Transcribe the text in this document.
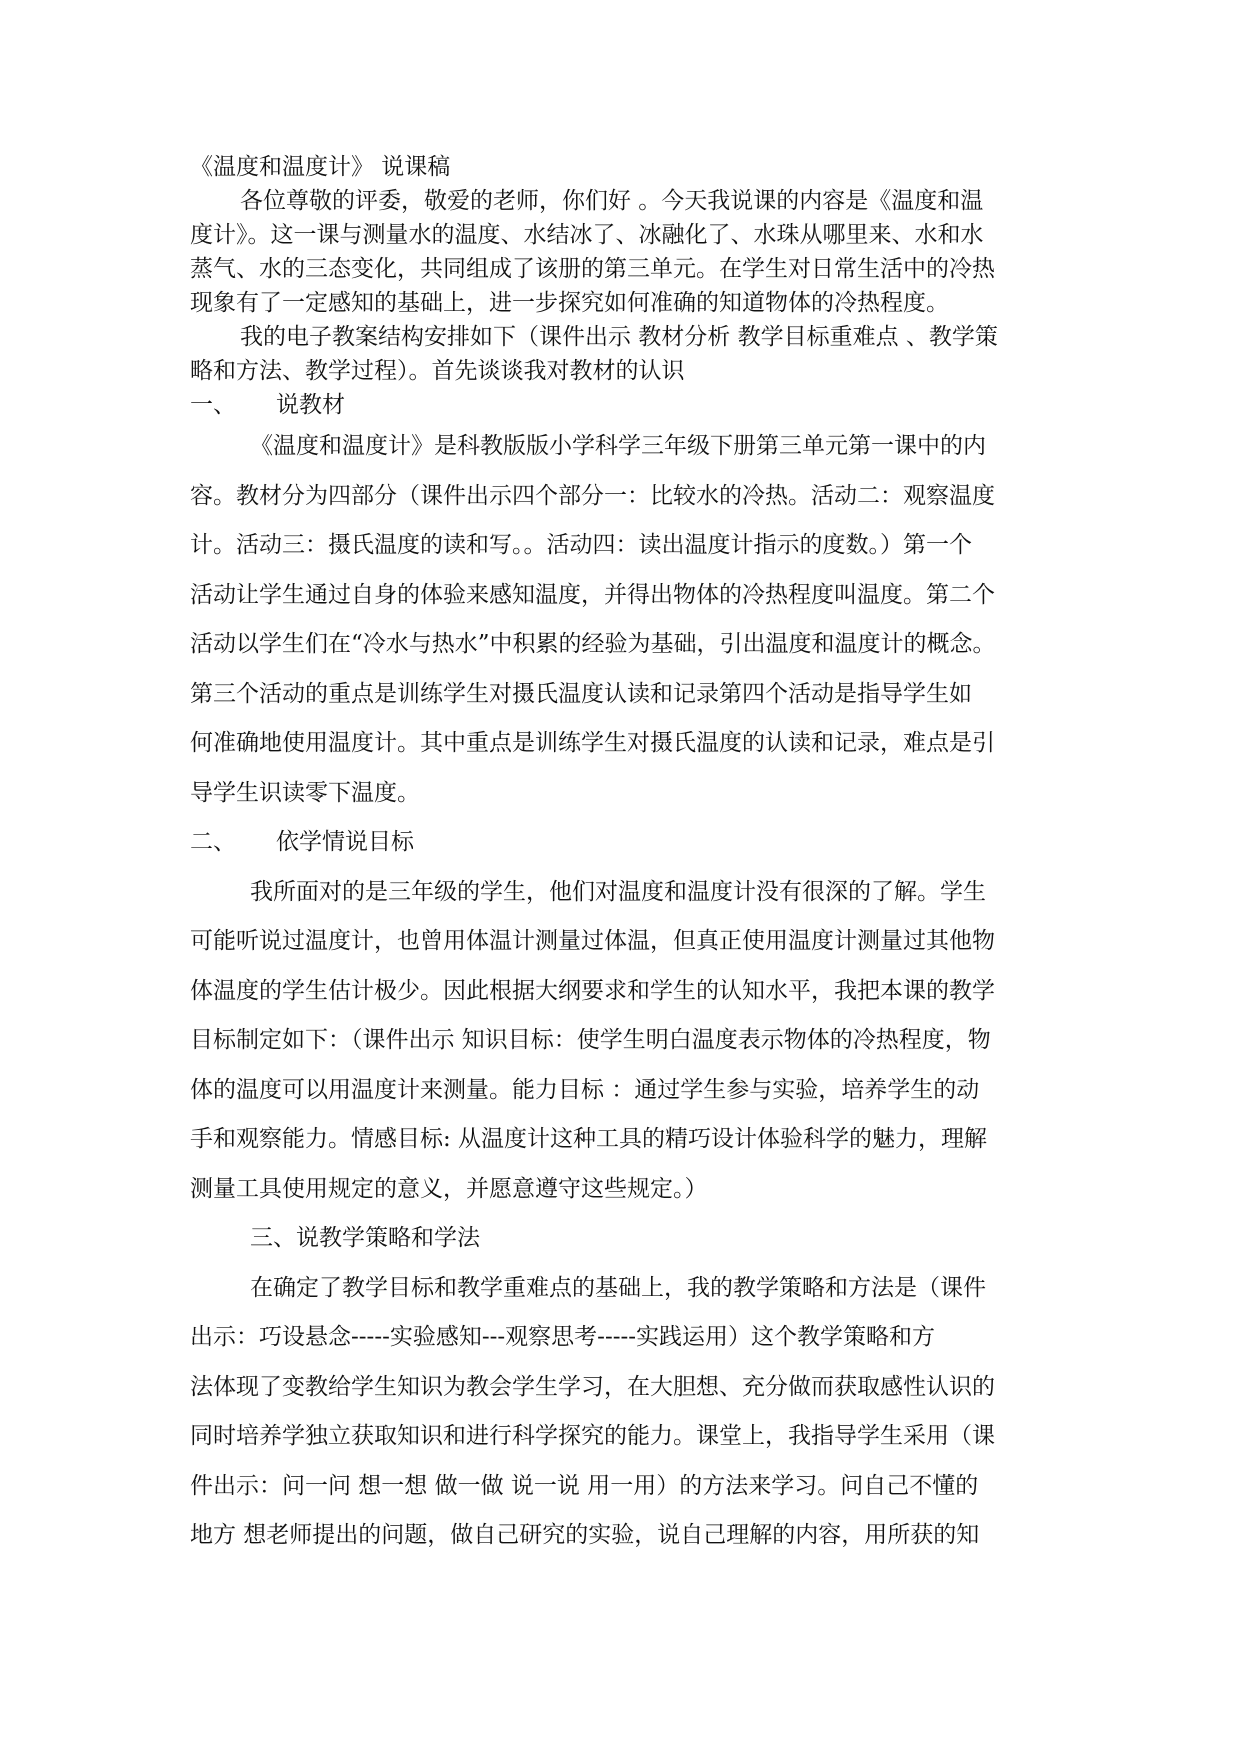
《温度和温度计》 说课稿
各位尊敬的评委，敬爱的老师，你们好 。今天我说课的内容是《温度和温
度计》。这一课与测量水的温度、水结冰了、冰融化了、水珠从哪里来、水和水
蒸气、水的三态变化，共同组成了该册的第三单元。在学生对日常生活中的冷热
现象有了一定感知的基础上，进一步探究如何准确的知道物体的冷热程度。
我的电子教案结构安排如下（课件出示 教材分析 教学目标重难点 、教学策
略和方法、教学过程）。首先谈谈我对教材的认识
一、 说教材
《温度和温度计》是科教版版小学科学三年级下册第三单元第一课中的内
容。教材分为四部分（课件出示四个部分一：比较水的冷热。活动二：观察温度
计。活动三：摄氏温度的读和写。。活动四：读出温度计指示的度数。）第一个
活动让学生通过自身的体验来感知温度，并得出物体的冷热程度叫温度。第二个
活动以学生们在“冷水与热水”中积累的经验为基础，引出温度和温度计的概念。
第三个活动的重点是训练学生对摄氏温度认读和记录第四个活动是指导学生如
何准确地使用温度计。其中重点是训练学生对摄氏温度的认读和记录，难点是引
导学生识读零下温度。
二、 依学情说目标
我所面对的是三年级的学生，他们对温度和温度计没有很深的了解。学生
可能听说过温度计，也曾用体温计测量过体温，但真正使用温度计测量过其他物
体温度的学生估计极少。因此根据大纲要求和学生的认知水平，我把本课的教学
目标制定如下：（课件出示 知识目标：使学生明白温度表示物体的冷热程度，物
体的温度可以用温度计来测量。能力目标 ：通过学生参与实验，培养学生的动
手和观察能力。情感目标: 从温度计这种工具的精巧设计体验科学的魅力，理解
测量工具使用规定的意义，并愿意遵守这些规定。）
三、说教学策略和学法
在确定了教学目标和教学重难点的基础上，我的教学策略和方法是（课件
出示：巧设悬念-----实验感知---观察思考-----实践运用）这个教学策略和方
法体现了变教给学生知识为教会学生学习，在大胆想、充分做而获取感性认识的
同时培养学独立获取知识和进行科学探究的能力。课堂上，我指导学生采用（课
件出示：问一问 想一想 做一做 说一说 用一用）的方法来学习。问自己不懂的
地方 想老师提出的问题，做自己研究的实验，说自己理解的内容，用所获的知
